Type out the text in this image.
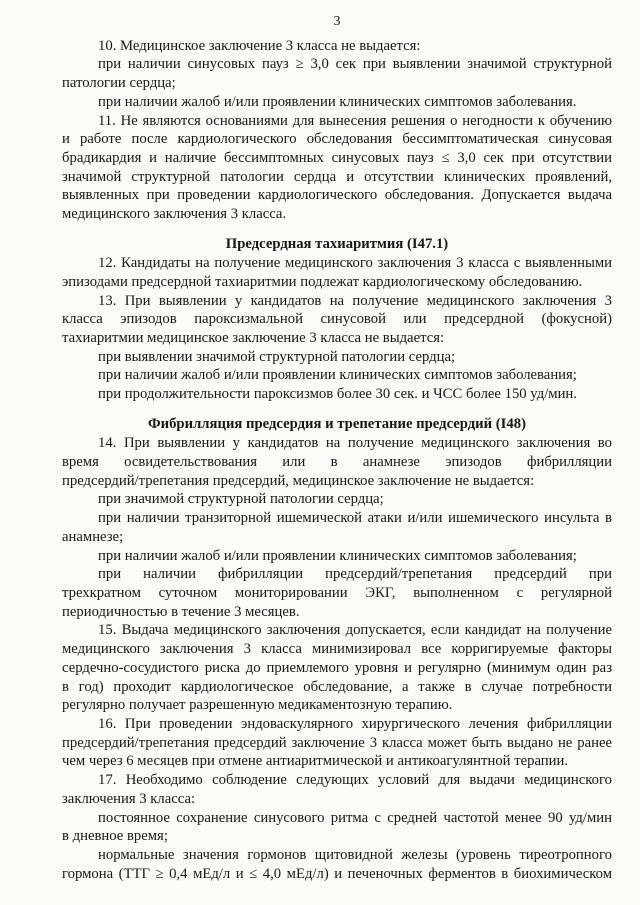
3
10. Медицинское заключение 3 класса не выдается:
при наличии синусовых пауз ≥ 3,0 сек при выявлении значимой структурной
патологии сердца;
при наличии жалоб и/или проявлении клинических симптомов заболевания.
11. Не являются основаниями для вынесения решения о негодности к обучению
и работе после кардиологического обследования бессимптоматическая синусовая
брадикардия и наличие бессимптомных синусовых пауз ≤ 3,0 сек при отсутствии
значимой структурной патологии сердца и отсутствии клинических проявлений,
выявленных при проведении кардиологического обследования. Допускается выдача
медицинского заключения 3 класса.
Предсердная тахиаритмия (I47.1)
12. Кандидаты на получение медицинского заключения 3 класса с выявленными
эпизодами предсердной тахиаритмии подлежат кардиологическому обследованию.
13. При выявлении у кандидатов на получение медицинского заключения 3
класса эпизодов пароксизмальной синусовой или предсердной (фокусной)
тахиаритмии медицинское заключение 3 класса не выдается:
при выявлении значимой структурной патологии сердца;
при наличии жалоб и/или проявлении клинических симптомов заболевания;
при продолжительности пароксизмов более 30 сек. и ЧСС более 150 уд/мин.
Фибрилляция предсердия и трепетание предсердий (I48)
14. При выявлении у кандидатов на получение медицинского заключения во
время освидетельствования или в анамнезе эпизодов фибрилляции
предсердий/трепетания предсердий, медицинское заключение не выдается:
при значимой структурной патологии сердца;
при наличии транзиторной ишемической атаки и/или ишемического инсульта в
анамнезе;
при наличии жалоб и/или проявлении клинических симптомов заболевания;
при наличии фибрилляции предсердий/трепетания предсердий при
трехкратном суточном мониторировании ЭКГ, выполненном с регулярной
периодичностью в течение 3 месяцев.
15. Выдача медицинского заключения допускается, если кандидат на получение
медицинского заключения 3 класса минимизировал все корригируемые факторы
сердечно-сосудистого риска до приемлемого уровня и регулярно (минимум один раз
в год) проходит кардиологическое обследование, а также в случае потребности
регулярно получает разрешенную медикаментозную терапию.
16. При проведении эндоваскулярного хирургического лечения фибрилляции
предсердий/трепетания предсердий заключение 3 класса может быть выдано не ранее
чем через 6 месяцев при отмене антиаритмической и антикоагулянтной терапии.
17. Необходимо соблюдение следующих условий для выдачи медицинского
заключения 3 класса:
постоянное сохранение синусового ритма с средней частотой менее 90 уд/мин
в дневное время;
нормальные значения гормонов щитовидной железы (уровень тиреотропного
гормона (ТТГ ≥ 0,4 мЕд/л и ≤ 4,0 мЕд/л) и печеночных ферментов в биохимическом
